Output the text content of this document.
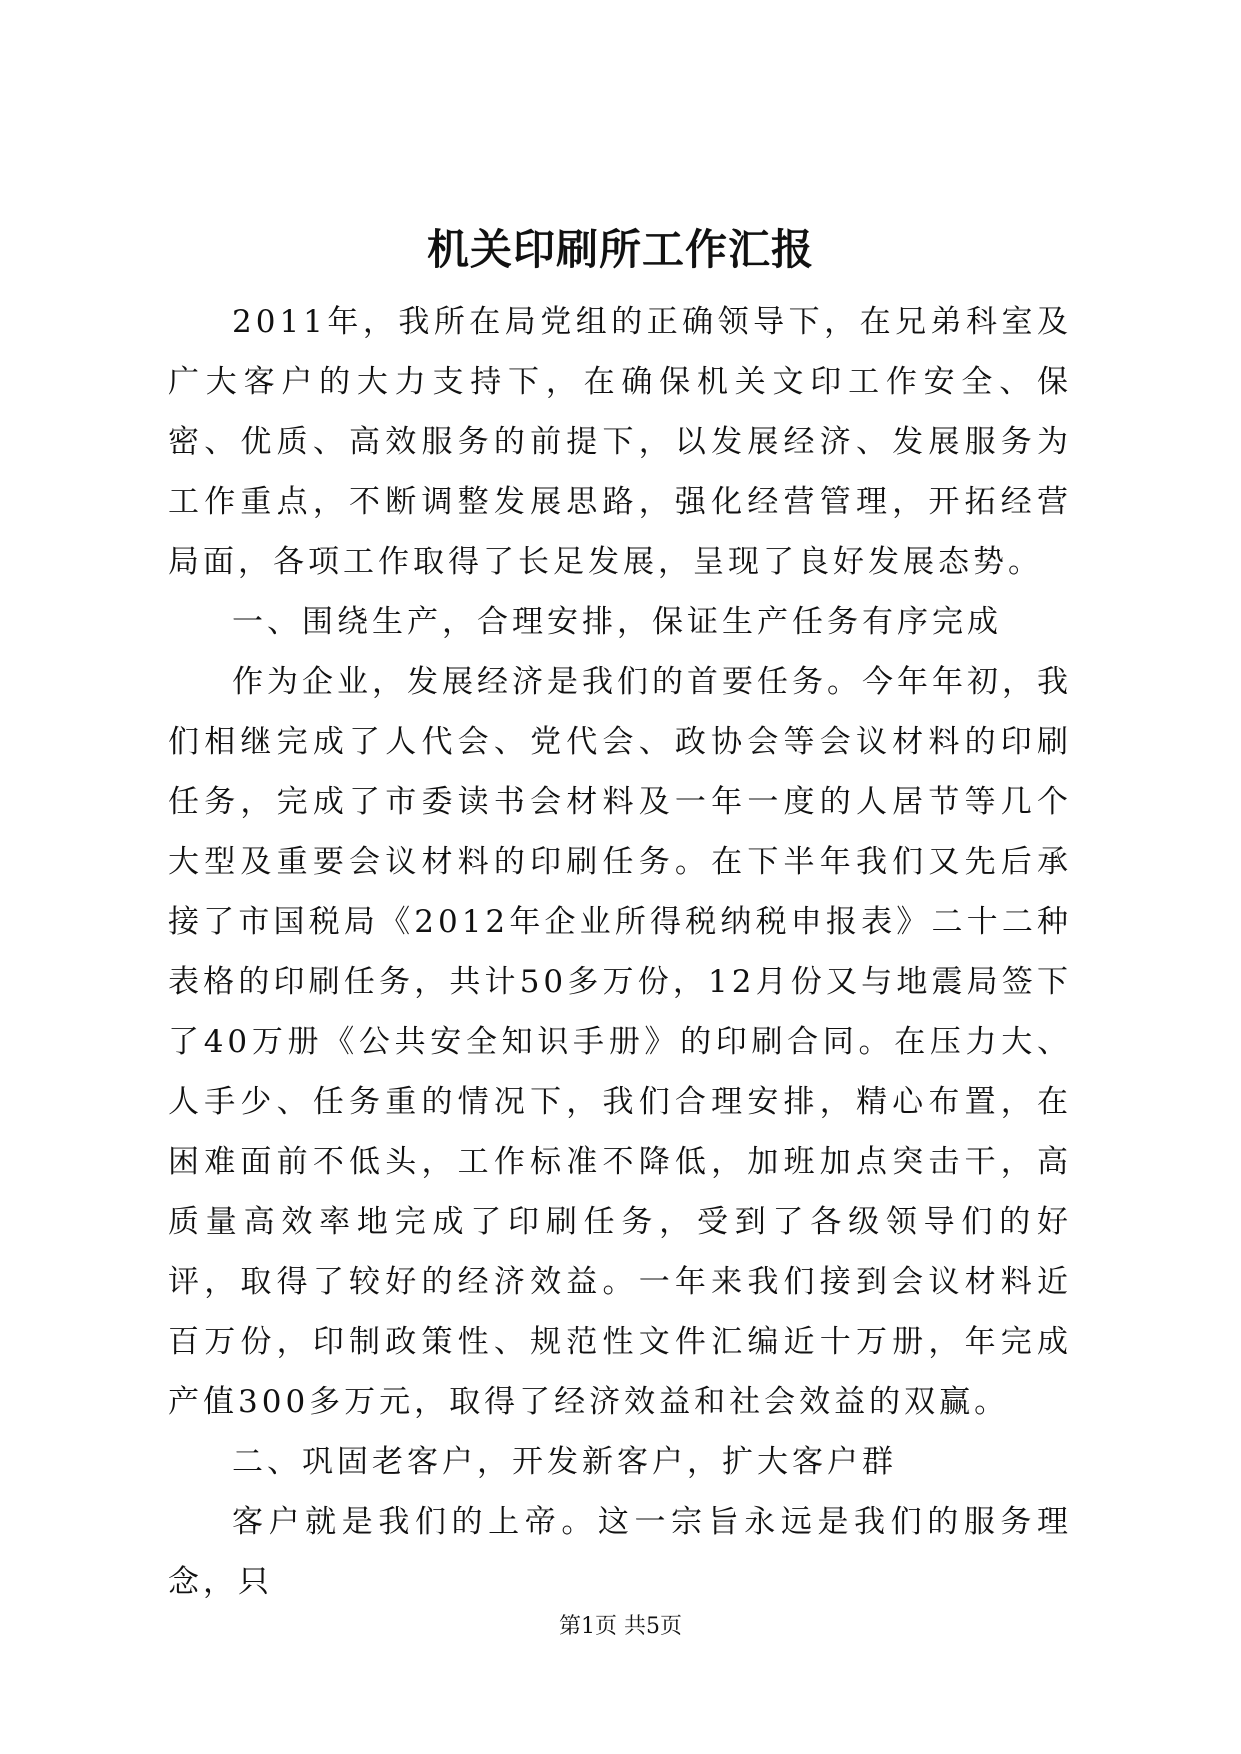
机关印刷所工作汇报

2011年，我所在局党组的正确领导下，在兄弟科室及广大客户的大力支持下，在确保机关文印工作安全、保密、优质、高效服务的前提下，以发展经济、发展服务为工作重点，不断调整发展思路，强化经营管理，开拓经营局面，各项工作取得了长足发展，呈现了良好发展态势。

一、围绕生产，合理安排，保证生产任务有序完成

作为企业，发展经济是我们的首要任务。今年年初，我们相继完成了人代会、党代会、政协会等会议材料的印刷任务，完成了市委读书会材料及一年一度的人居节等几个大型及重要会议材料的印刷任务。在下半年我们又先后承接了市国税局《2012年企业所得税纳税申报表》二十二种表格的印刷任务，共计50多万份，12月份又与地震局签下了40万册《公共安全知识手册》的印刷合同。在压力大、人手少、任务重的情况下，我们合理安排，精心布置，在困难面前不低头，工作标准不降低，加班加点突击干，高质量高效率地完成了印刷任务，受到了各级领导们的好评，取得了较好的经济效益。一年来我们接到会议材料近百万份，印制政策性、规范性文件汇编近十万册，年完成产值300多万元，取得了经济效益和社会效益的双赢。

二、巩固老客户，开发新客户，扩大客户群

客户就是我们的上帝。这一宗旨永远是我们的服务理念，只

第1页 共5页
